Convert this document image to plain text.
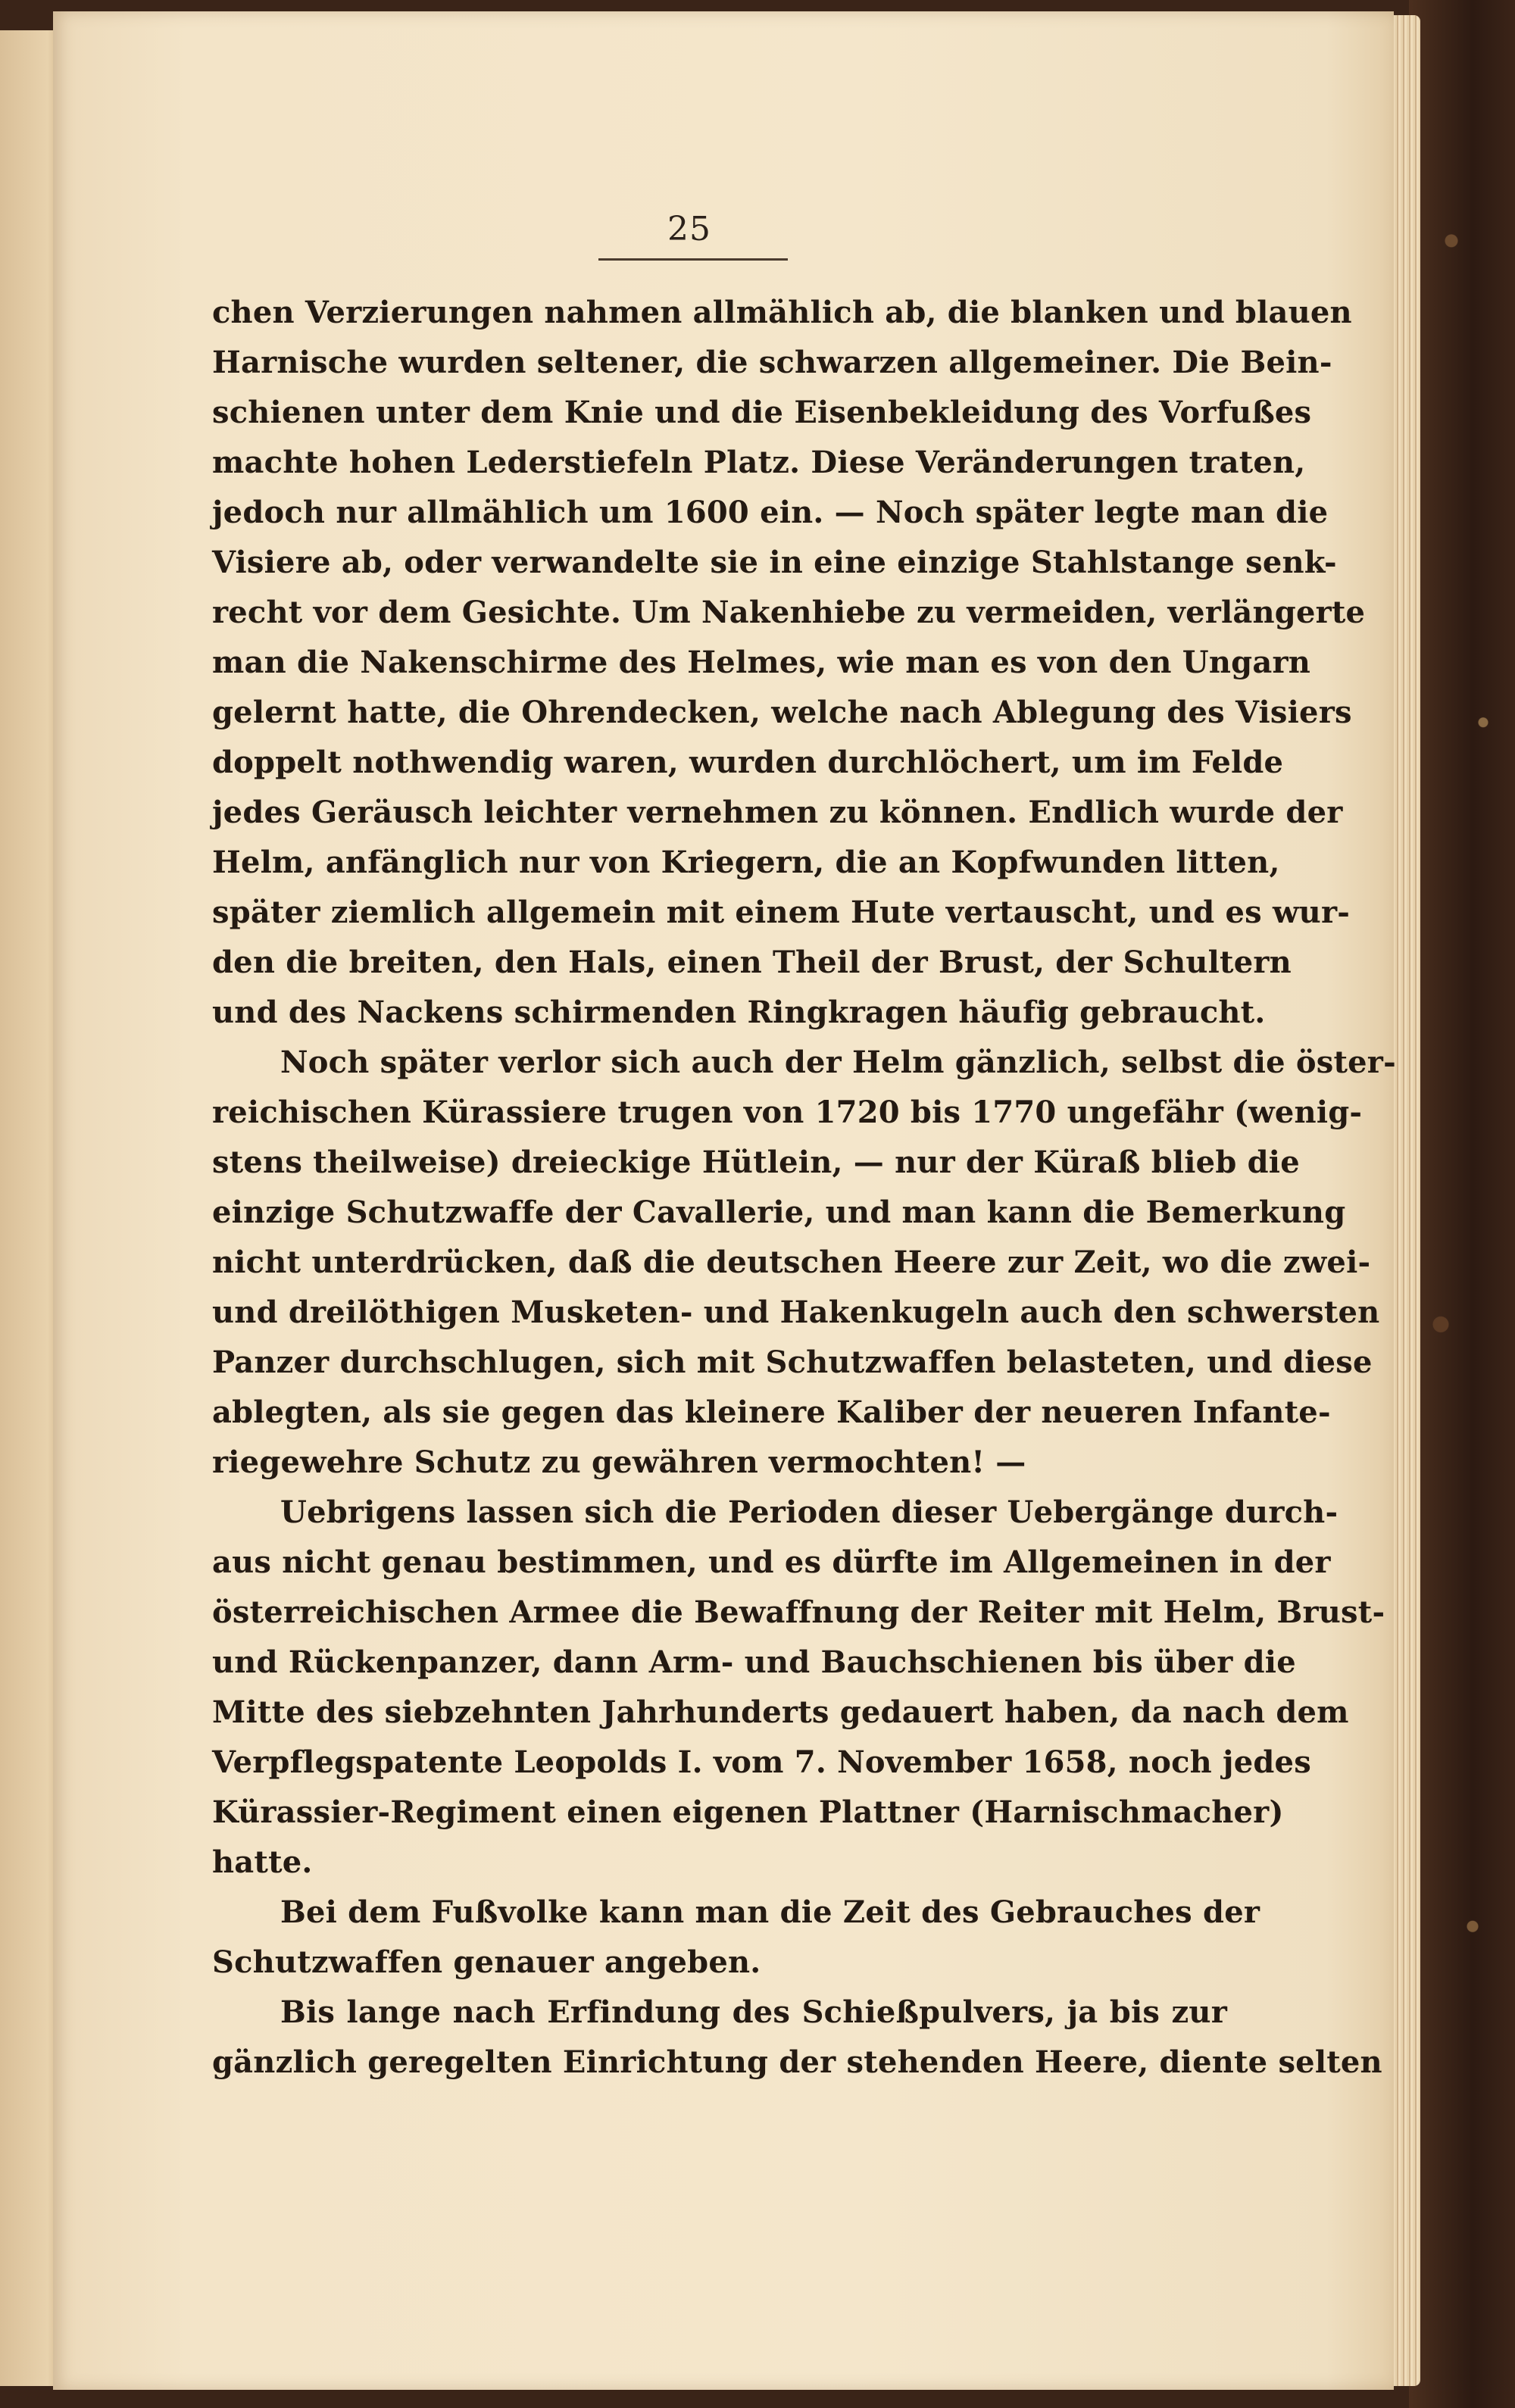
25
chen Verzierungen nahmen allmählich ab, die blanken und blauen
Harnische wurden seltener, die schwarzen allgemeiner. Die Bein-
schienen unter dem Knie und die Eisenbekleidung des Vorfußes
machte hohen Lederstiefeln Platz. Diese Veränderungen traten,
jedoch nur allmählich um 1600 ein. — Noch später legte man die
Visiere ab, oder verwandelte sie in eine einzige Stahlstange senk-
recht vor dem Gesichte. Um Nakenhiebe zu vermeiden, verlängerte
man die Nakenschirme des Helmes, wie man es von den Ungarn
gelernt hatte, die Ohrendecken, welche nach Ablegung des Visiers
doppelt nothwendig waren, wurden durchlöchert, um im Felde
jedes Geräusch leichter vernehmen zu können. Endlich wurde der
Helm, anfänglich nur von Kriegern, die an Kopfwunden litten,
später ziemlich allgemein mit einem Hute vertauscht, und es wur-
den die breiten, den Hals, einen Theil der Brust, der Schultern
und des Nackens schirmenden Ringkragen häufig gebraucht.
Noch später verlor sich auch der Helm gänzlich, selbst die öster-
reichischen Kürassiere trugen von 1720 bis 1770 ungefähr (wenig-
stens theilweise) dreieckige Hütlein, — nur der Küraß blieb die
einzige Schutzwaffe der Cavallerie, und man kann die Bemerkung
nicht unterdrücken, daß die deutschen Heere zur Zeit, wo die zwei-
und dreilöthigen Musketen- und Hakenkugeln auch den schwersten
Panzer durchschlugen, sich mit Schutzwaffen belasteten, und diese
ablegten, als sie gegen das kleinere Kaliber der neueren Infante-
riegewehre Schutz zu gewähren vermochten! —
Uebrigens lassen sich die Perioden dieser Uebergänge durch-
aus nicht genau bestimmen, und es dürfte im Allgemeinen in der
österreichischen Armee die Bewaffnung der Reiter mit Helm, Brust-
und Rückenpanzer, dann Arm- und Bauchschienen bis über die
Mitte des siebzehnten Jahrhunderts gedauert haben, da nach dem
Verpflegspatente Leopolds I. vom 7. November 1658, noch jedes
Kürassier-Regiment einen eigenen Plattner (Harnischmacher)
hatte.
Bei dem Fußvolke kann man die Zeit des Gebrauches der
Schutzwaffen genauer angeben.
Bis lange nach Erfindung des Schießpulvers, ja bis zur
gänzlich geregelten Einrichtung der stehenden Heere, diente selten
